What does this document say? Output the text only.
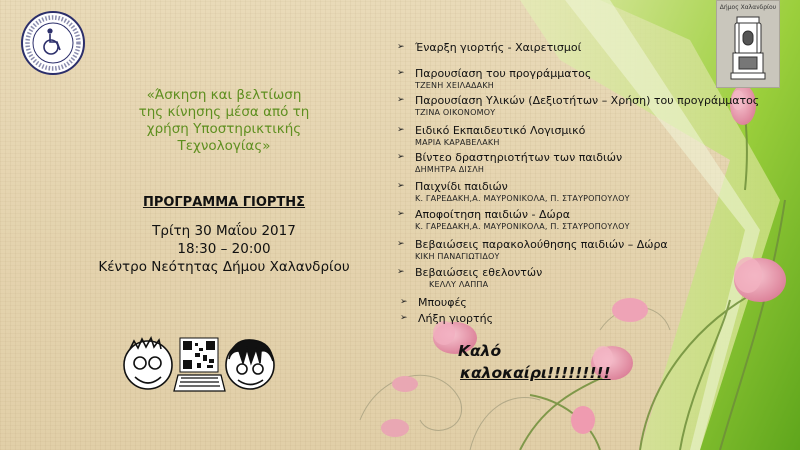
«Άσκηση και βελτίωση
της κίνησης μέσα από τη
χρήση Υποστηρικτικής
Τεχνολογίας»
ΠΡΟΓΡΑΜΜΑ ΓΙΟΡΤΗΣ
Τρίτη 30 Μαΐου 2017
18:30 – 20:00
Κέντρο Νεότητας Δήμου Χαλανδρίου
➢ Έναρξη γιορτής - Χαιρετισμοί
➢ Παρουσίαση του προγράμματος
ΤΖΕΝΗ ΧΕΙΛΑΔΑΚΗ
➢ Παρουσίαση Υλικών (Δεξιοτήτων – Χρήση) του προγράμματος
ΤΖΙΝΑ ΟΙΚΟΝΟΜΟΥ
➢ Ειδικό Εκπαιδευτικό Λογισμικό
ΜΑΡΙΑ ΚΑΡΑΒΕΛΑΚΗ
➢ Βίντεο δραστηριοτήτων των παιδιών
ΔΗΜΗΤΡΑ ΔΙΣΛΗ
➢ Παιχνίδι παιδιών
Κ. ΓΑΡΕΔΑΚΗ,Α. ΜΑΥΡΟΝΙΚΟΛΑ, Π. ΣΤΑΥΡΟΠΟΥΛΟΥ
➢ Αποφοίτηση παιδιών - Δώρα
Κ. ΓΑΡΕΔΑΚΗ,Α. ΜΑΥΡΟΝΙΚΟΛΑ, Π. ΣΤΑΥΡΟΠΟΥΛΟΥ
➢ Βεβαιώσεις παρακολούθησης παιδιών – Δώρα
ΚΙΚΗ ΠΑΝΑΓΙΩΤΙΔΟΥ
➢ Βεβαιώσεις εθελοντών
ΚΕΛΛΥ ΛΑΠΠΑ
➢ Μπουφές
➢ Λήξη γιορτής
Καλό
καλοκαίρι!!!!!!!!!
Δήμος Χαλανδρίου
